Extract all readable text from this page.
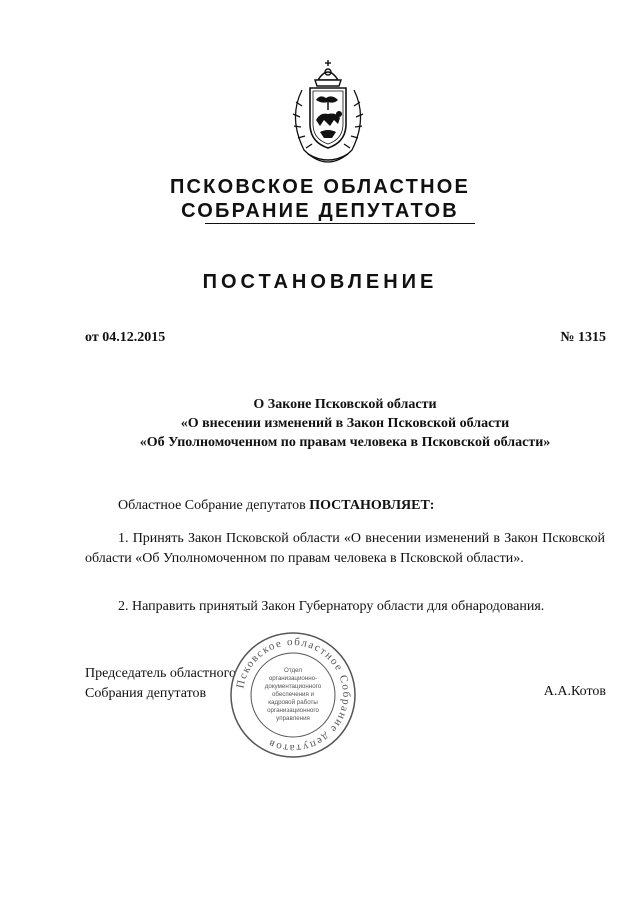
ПСКОВСКОЕ ОБЛАСТНОЕ
СОБРАНИЕ ДЕПУТАТОВ
ПОСТАНОВЛЕНИЕ
от 04.12.2015	№ 1315
О Законе Псковской области
«О внесении изменений в Закон Псковской области
«Об Уполномоченном по правам человека в Псковской области»
Областное Собрание депутатов ПОСТАНОВЛЯЕТ:
1. Принять Закон Псковской области «О внесении изменений в Закон Псковской области «Об Уполномоченном по правам человека в Псковской области».
2. Направить принятый Закон Губернатору области для обнародования.
Председатель областного
Собрания депутатов	А.А.Котов
Псковское областное Собрание депутатов
Отдел
организационно-
документационного
обеспечения и
кадровой работы
организационного
управления
